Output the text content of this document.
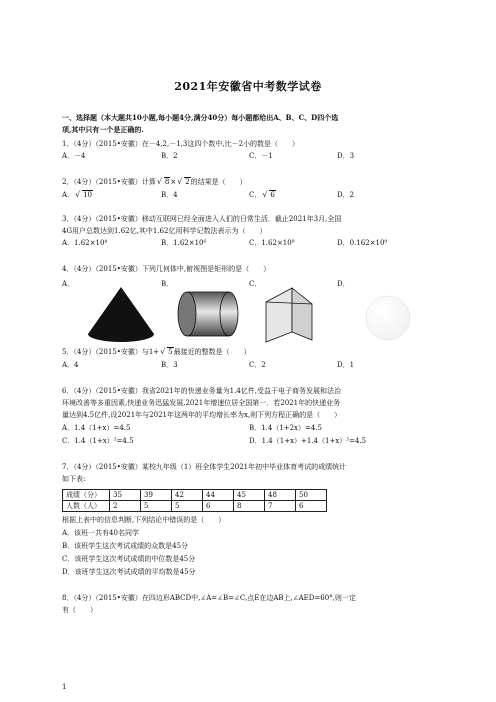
2021年安徽省中考数学试卷
一、选择题（本大题共10小题,每小题4分,满分40分）每小题都给出A、B、C、D四个选
项,其中只有一个是正确的.
1．（4分）（2015•安徽）在－4,2,－1,3这四个数中,比－2小的数是（　　）
A．－4	B．2	C．－1	D．3
2．（4分）（2015•安徽）计算 √ 8× √ 2的结果是（　　）
A． √ 10	B．4	C． √ 6	D．2
3．（4分）（2015•安徽）移动互联网已经全面进入人们的日常生活．截止2021年3月,全国
4G用户总数达到1.62亿,其中1.62亿用科学记数法表示为（　　）
A．1.62×10⁴	B．1.62×10⁶	C．1.62×10⁸	D．0.162×10⁹
4．（4分）（2015•安徽）下列几何体中,俯视图是矩形的是（　　）
A．	B．	C．	D．
5．（4分）（2015•安徽）与1+ √ 5最接近的整数是（　　）
A．4	B．3	C．2	D．1
6．（4分）（2015•安徽）我省2021年的快递业务量为1.4亿件,受益于电子商务发展和法治
环境改善等多重因素,快递业务迅猛发展,2021年增速位居全国第一．若2021年的快递业务
量达到4.5亿件,设2021年与2021年这两年的平均增长率为x,则下列方程正确的是（　　）
A．1.4（1+x）=4.5	B．1.4（1+2x）=4.5
C．1.4（1+x）²=4.5	D．1.4（1+x）+1.4（1+x）²=4.5
7．（4分）（2015•安徽）某校九年级（1）班全体学生2021年初中毕业体育考试的成绩统计
如下表:
成绩（分）	35	39	42	44	45	48	50
人数（人）	2	5	5	6	8	7	6
根据上表中的信息判断,下列结论中错误的是（　　）
A．该班一共有40名同学
B．该班学生这次考试成绩的众数是45分
C．该班学生这次考试成绩的中位数是45分
D．该班学生这次考试成绩的平均数是45分
8．（4分）（2015•安徽）在四边形ABCD中,∠A=∠B=∠C,点E在边AB上,∠AED=60°,则一定
有（　　）
1
